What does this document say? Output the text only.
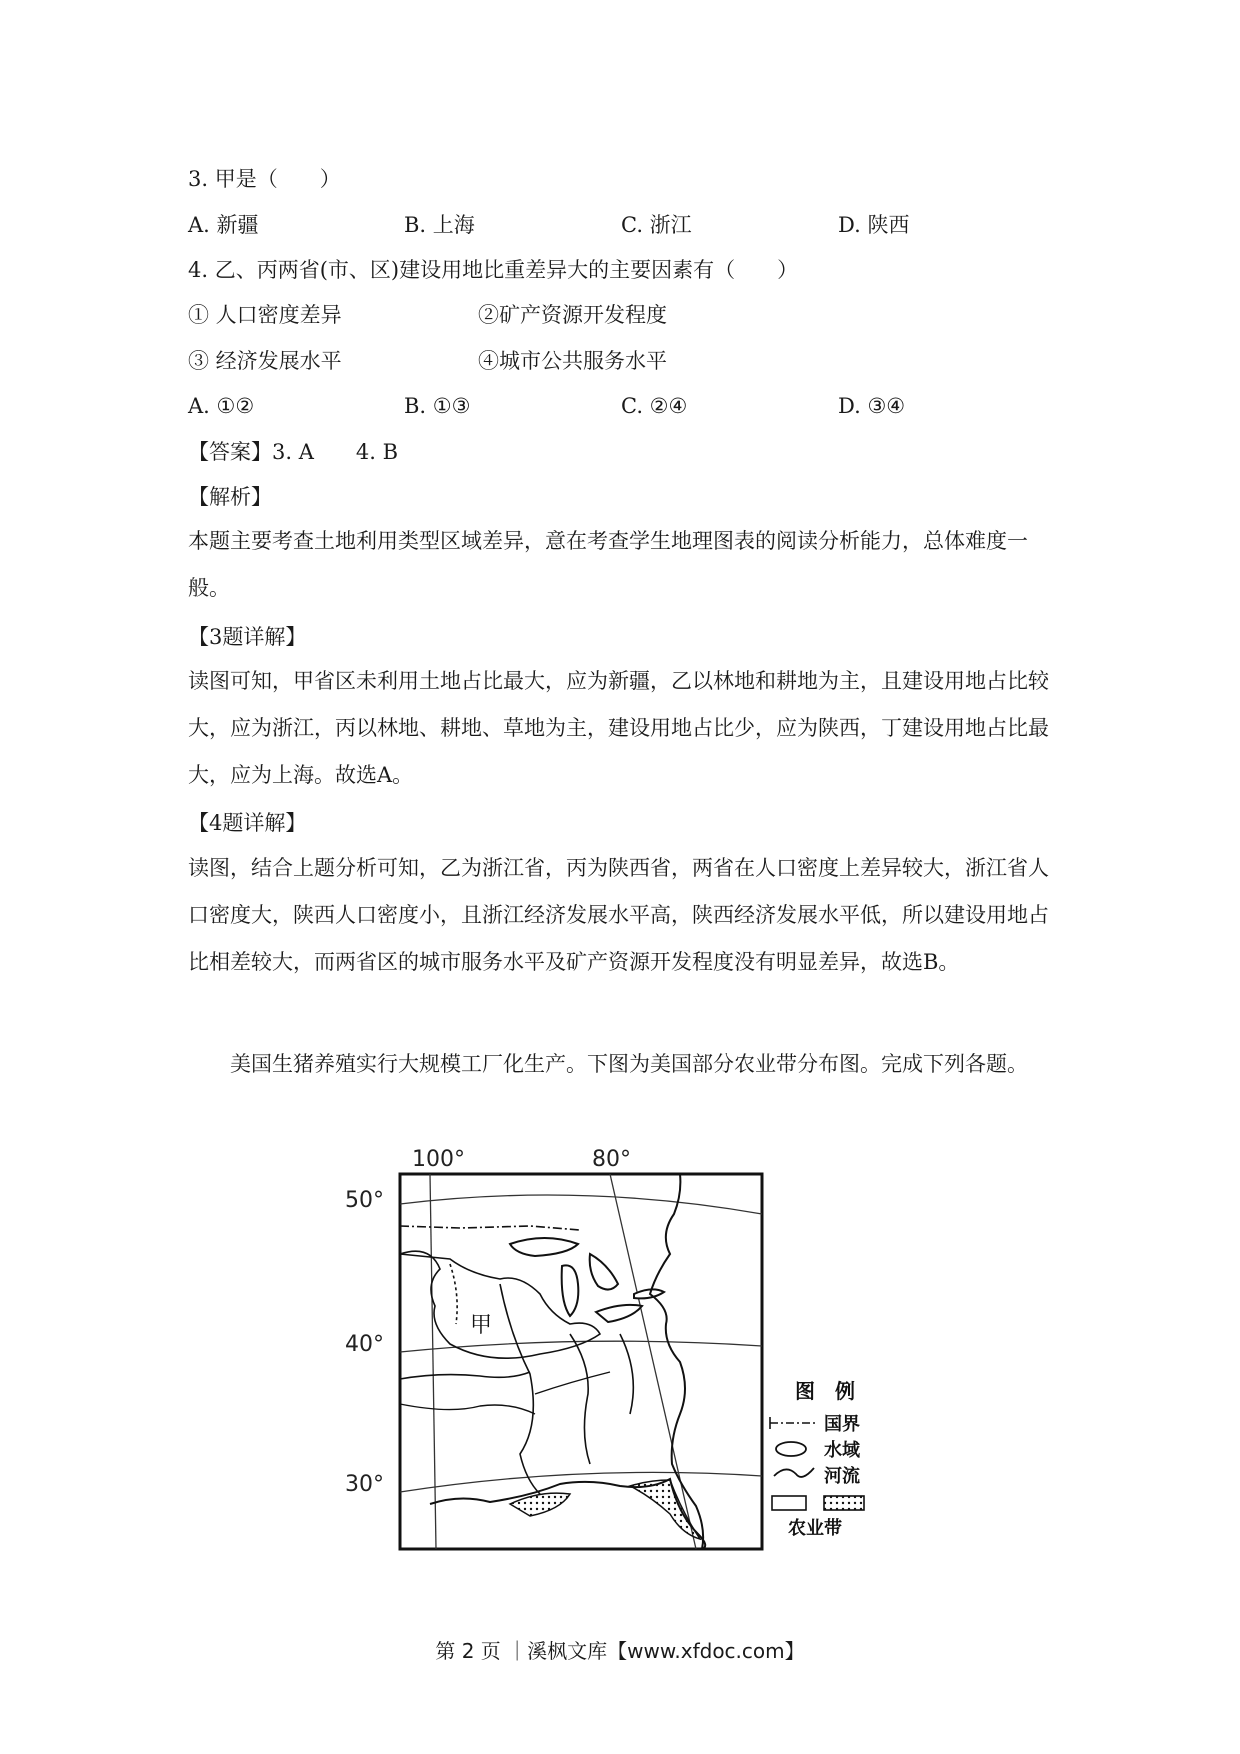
3. 甲是（　　）
A. 新疆	B. 上海	C. 浙江	D. 陕西
4. 乙、丙两省(市、区)建设用地比重差异大的主要因素有（　　）
① 人口密度差异	②矿产资源开发程度
③ 经济发展水平	④城市公共服务水平
A. ①②	B. ①③	C. ②④	D. ③④
【答案】3. A　　4. B
【解析】
本题主要考查土地利用类型区域差异，意在考查学生地理图表的阅读分析能力，总体难度一般。
【3题详解】
读图可知，甲省区未利用土地占比最大，应为新疆，乙以林地和耕地为主，且建设用地占比较大，应为浙江，丙以林地、耕地、草地为主，建设用地占比少，应为陕西，丁建设用地占比最大，应为上海。故选A。
【4题详解】
读图，结合上题分析可知，乙为浙江省，丙为陕西省，两省在人口密度上差异较大，浙江省人口密度大，陕西人口密度小，且浙江经济发展水平高，陕西经济发展水平低，所以建设用地占比相差较大，而两省区的城市服务水平及矿产资源开发程度没有明显差异，故选B。
美国生猪养殖实行大规模工厂化生产。下图为美国部分农业带分布图。完成下列各题。
100°	80°
50°
40°
30°
甲
图　例
国界
水域
河流
农业带
第 2 页 ｜溪枫文库【www.xfdoc.com】
